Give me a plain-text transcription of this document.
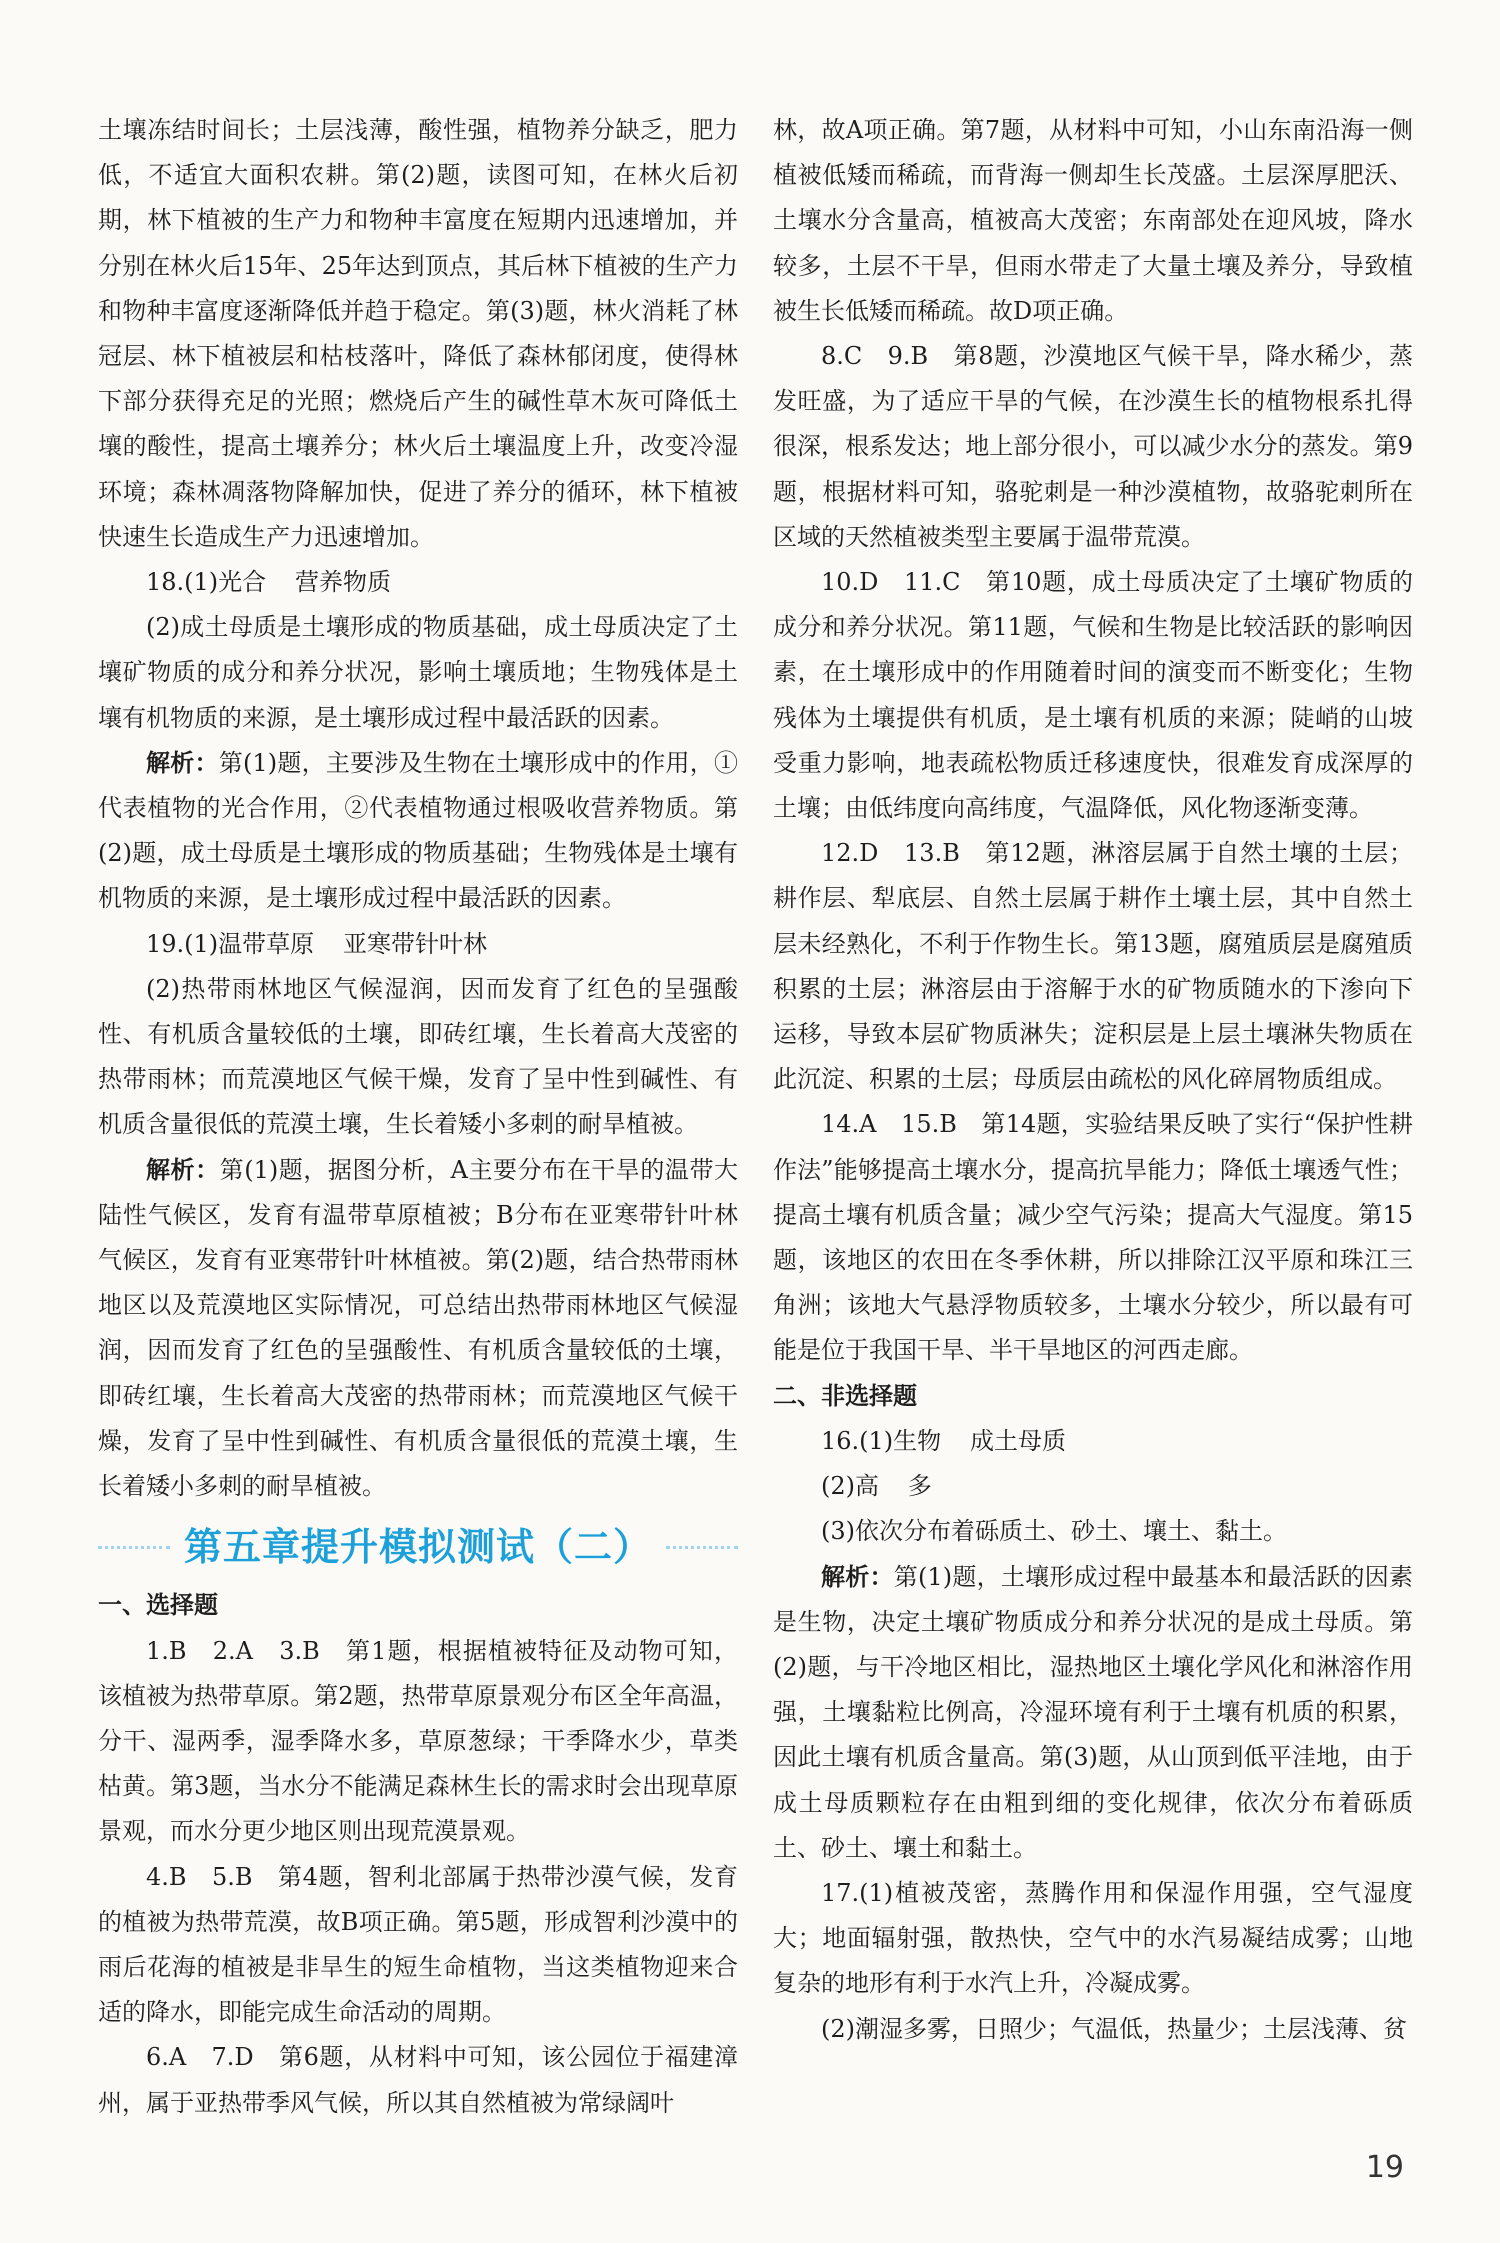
土壤冻结时间长；土层浅薄，酸性强，植物养分缺乏，肥力低，不适宜大面积农耕。第(2)题，读图可知，在林火后初期，林下植被的生产力和物种丰富度在短期内迅速增加，并分别在林火后15年、25年达到顶点，其后林下植被的生产力和物种丰富度逐渐降低并趋于稳定。第(3)题，林火消耗了林冠层、林下植被层和枯枝落叶，降低了森林郁闭度，使得林下部分获得充足的光照；燃烧后产生的碱性草木灰可降低土壤的酸性，提高土壤养分；林火后土壤温度上升，改变冷湿环境；森林凋落物降解加快，促进了养分的循环，林下植被快速生长造成生产力迅速增加。

18.(1)光合 营养物质

(2)成土母质是土壤形成的物质基础，成土母质决定了土壤矿物质的成分和养分状况，影响土壤质地；生物残体是土壤有机物质的来源，是土壤形成过程中最活跃的因素。

解析：第(1)题，主要涉及生物在土壤形成中的作用，①代表植物的光合作用，②代表植物通过根吸收营养物质。第(2)题，成土母质是土壤形成的物质基础；生物残体是土壤有机物质的来源，是土壤形成过程中最活跃的因素。

19.(1)温带草原 亚寒带针叶林

(2)热带雨林地区气候湿润，因而发育了红色的呈强酸性、有机质含量较低的土壤，即砖红壤，生长着高大茂密的热带雨林；而荒漠地区气候干燥，发育了呈中性到碱性、有机质含量很低的荒漠土壤，生长着矮小多刺的耐旱植被。

解析：第(1)题，据图分析，A主要分布在干旱的温带大陆性气候区，发育有温带草原植被；B分布在亚寒带针叶林气候区，发育有亚寒带针叶林植被。第(2)题，结合热带雨林地区以及荒漠地区实际情况，可总结出热带雨林地区气候湿润，因而发育了红色的呈强酸性、有机质含量较低的土壤，即砖红壤，生长着高大茂密的热带雨林；而荒漠地区气候干燥，发育了呈中性到碱性、有机质含量很低的荒漠土壤，生长着矮小多刺的耐旱植被。

第五章提升模拟测试（二）

一、选择题

1.B　2.A　3.B　第1题，根据植被特征及动物可知，该植被为热带草原。第2题，热带草原景观分布区全年高温，分干、湿两季，湿季降水多，草原葱绿；干季降水少，草类枯黄。第3题，当水分不能满足森林生长的需求时会出现草原景观，而水分更少地区则出现荒漠景观。

4.B　5.B　第4题，智利北部属于热带沙漠气候，发育的植被为热带荒漠，故B项正确。第5题，形成智利沙漠中的雨后花海的植被是非旱生的短生命植物，当这类植物迎来合适的降水，即能完成生命活动的周期。

6.A　7.D　第6题，从材料中可知，该公园位于福建漳州，属于亚热带季风气候，所以其自然植被为常绿阔叶

林，故A项正确。第7题，从材料中可知，小山东南沿海一侧植被低矮而稀疏，而背海一侧却生长茂盛。土层深厚肥沃、土壤水分含量高，植被高大茂密；东南部处在迎风坡，降水较多，土层不干旱，但雨水带走了大量土壤及养分，导致植被生长低矮而稀疏。故D项正确。

8.C　9.B　第8题，沙漠地区气候干旱，降水稀少，蒸发旺盛，为了适应干旱的气候，在沙漠生长的植物根系扎得很深，根系发达；地上部分很小，可以减少水分的蒸发。第9题，根据材料可知，骆驼刺是一种沙漠植物，故骆驼刺所在区域的天然植被类型主要属于温带荒漠。

10.D　11.C　第10题，成土母质决定了土壤矿物质的成分和养分状况。第11题，气候和生物是比较活跃的影响因素，在土壤形成中的作用随着时间的演变而不断变化；生物残体为土壤提供有机质，是土壤有机质的来源；陡峭的山坡受重力影响，地表疏松物质迁移速度快，很难发育成深厚的土壤；由低纬度向高纬度，气温降低，风化物逐渐变薄。

12.D　13.B　第12题，淋溶层属于自然土壤的土层；耕作层、犁底层、自然土层属于耕作土壤土层，其中自然土层未经熟化，不利于作物生长。第13题，腐殖质层是腐殖质积累的土层；淋溶层由于溶解于水的矿物质随水的下渗向下运移，导致本层矿物质淋失；淀积层是上层土壤淋失物质在此沉淀、积累的土层；母质层由疏松的风化碎屑物质组成。

14.A　15.B　第14题，实验结果反映了实行“保护性耕作法”能够提高土壤水分，提高抗旱能力；降低土壤透气性；提高土壤有机质含量；减少空气污染；提高大气湿度。第15题，该地区的农田在冬季休耕，所以排除江汉平原和珠江三角洲；该地大气悬浮物质较多，土壤水分较少，所以最有可能是位于我国干旱、半干旱地区的河西走廊。

二、非选择题

16.(1)生物 成土母质

(2)高 多

(3)依次分布着砾质土、砂土、壤土、黏土。

解析：第(1)题，土壤形成过程中最基本和最活跃的因素是生物，决定土壤矿物质成分和养分状况的是成土母质。第(2)题，与干冷地区相比，湿热地区土壤化学风化和淋溶作用强，土壤黏粒比例高，冷湿环境有利于土壤有机质的积累，因此土壤有机质含量高。第(3)题，从山顶到低平洼地，由于成土母质颗粒存在由粗到细的变化规律，依次分布着砾质土、砂土、壤土和黏土。

17.(1)植被茂密，蒸腾作用和保湿作用强，空气湿度大；地面辐射强，散热快，空气中的水汽易凝结成雾；山地复杂的地形有利于水汽上升，冷凝成雾。

(2)潮湿多雾，日照少；气温低，热量少；土层浅薄、贫

19
